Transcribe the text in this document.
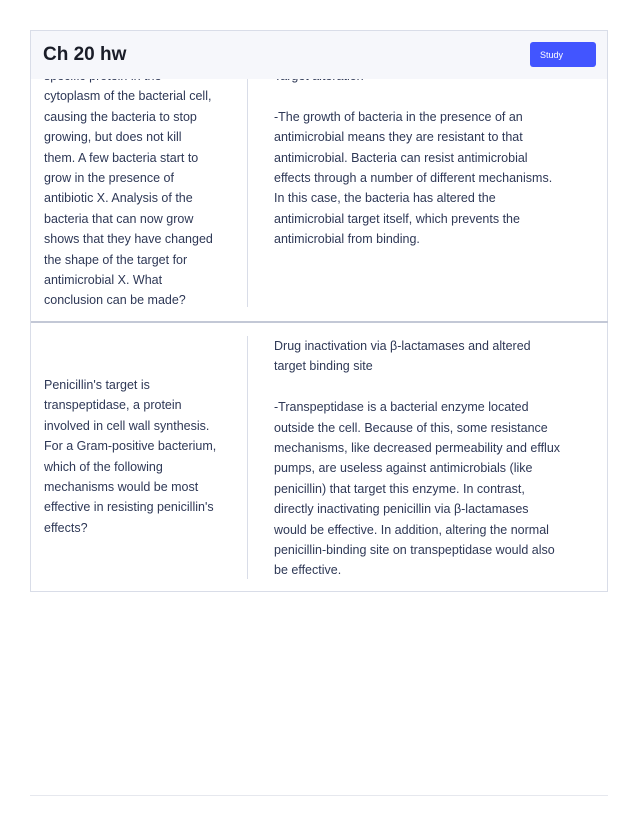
Ch 20 hw	Study

cytoplasm of the bacterial cell,

causing the bacteria to stop

growing, but does not kill

them. A few bacteria start to

grow in the presence of

antibiotic X. Analysis of the

bacteria that can now grow

shows that they have changed

the shape of the target for

antimicrobial X. What

conclusion can be made?

-The growth of bacteria in the presence of an

antimicrobial means they are resistant to that

antimicrobial. Bacteria can resist antimicrobial

effects through a number of different mechanisms.

In this case, the bacteria has altered the

antimicrobial target itself, which prevents the

antimicrobial from binding.

Penicillin's target is

transpeptidase, a protein

involved in cell wall synthesis.

For a Gram-positive bacterium,

which of the following

mechanisms would be most

effective in resisting penicillin's

effects?

Drug inactivation via β-lactamases and altered

target binding site

-Transpeptidase is a bacterial enzyme located

outside the cell. Because of this, some resistance

mechanisms, like decreased permeability and efflux

pumps, are useless against antimicrobials (like

penicillin) that target this enzyme. In contrast,

directly inactivating penicillin via β-lactamases

would be effective. In addition, altering the normal

penicillin-binding site on transpeptidase would also

be effective.
